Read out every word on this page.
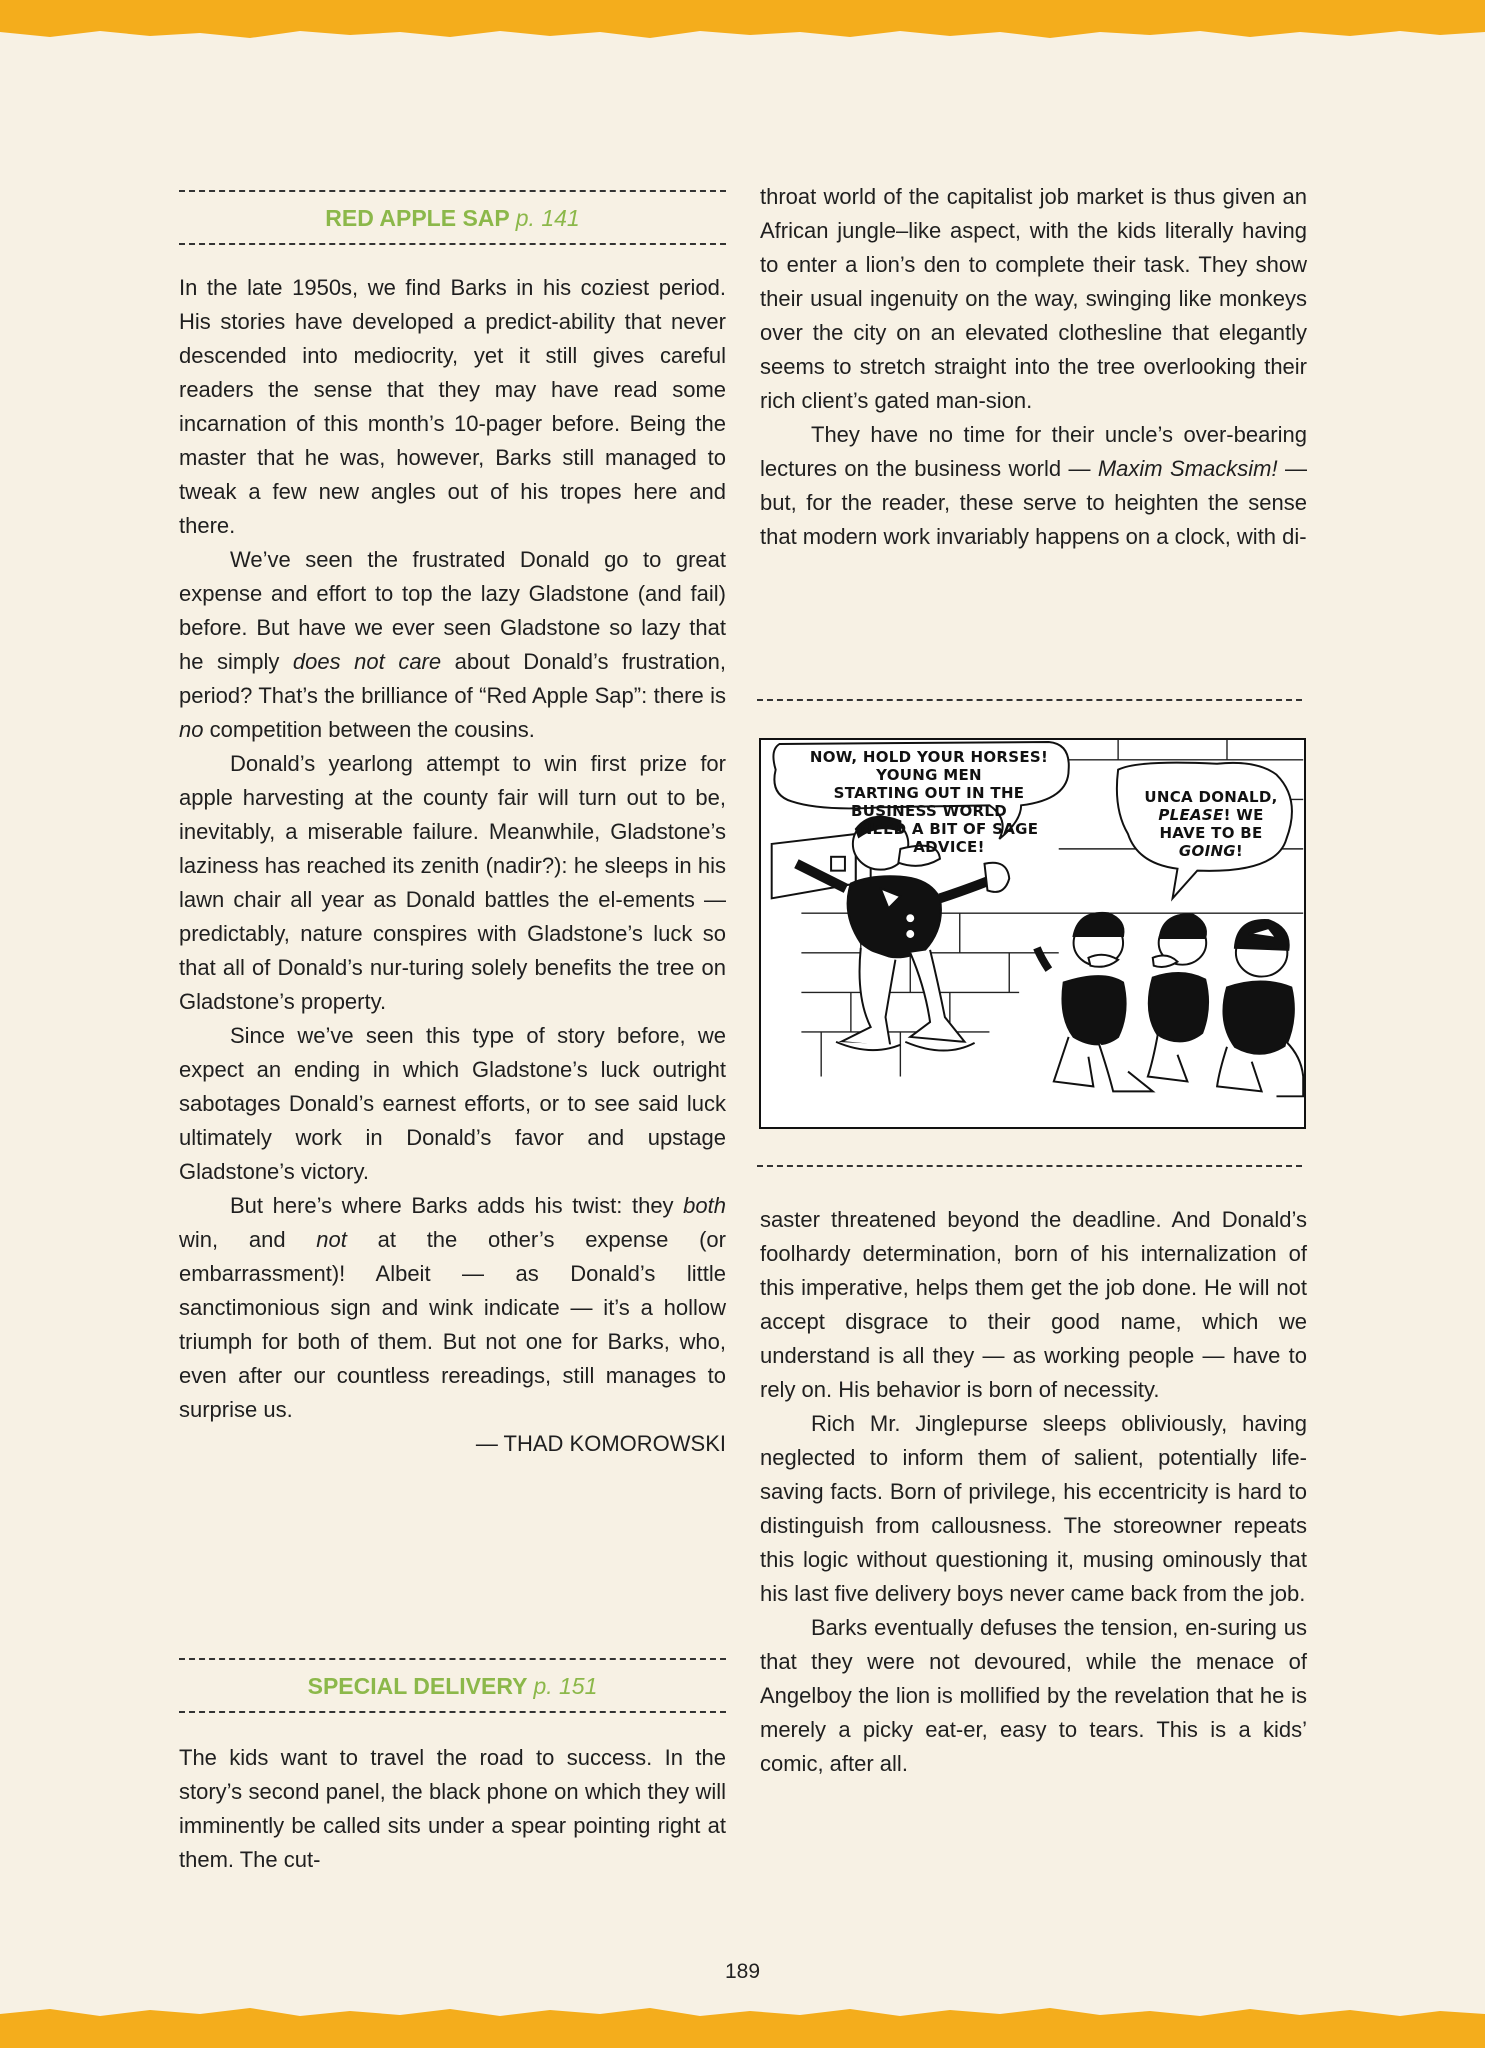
RED APPLE SAP p. 141

In the late 1950s, we find Barks in his coziest period. His stories have developed a predict-ability that never descended into mediocrity, yet it still gives careful readers the sense that they may have read some incarnation of this month’s 10-pager before. Being the master that he was, however, Barks still managed to tweak a few new angles out of his tropes here and there.

We’ve seen the frustrated Donald go to great expense and effort to top the lazy Gladstone (and fail) before. But have we ever seen Gladstone so lazy that he simply does not care about Donald’s frustration, period? That’s the brilliance of “Red Apple Sap”: there is no competition between the cousins.

Donald’s yearlong attempt to win first prize for apple harvesting at the county fair will turn out to be, inevitably, a miserable failure. Meanwhile, Gladstone’s laziness has reached its zenith (nadir?): he sleeps in his lawn chair all year as Donald battles the el-ements — predictably, nature conspires with Gladstone’s luck so that all of Donald’s nur-turing solely benefits the tree on Gladstone’s property.

Since we’ve seen this type of story before, we expect an ending in which Gladstone’s luck outright sabotages Donald’s earnest efforts, or to see said luck ultimately work in Donald’s favor and upstage Gladstone’s victory.

But here’s where Barks adds his twist: they both win, and not at the other’s expense (or embarrassment)! Albeit — as Donald’s little sanctimonious sign and wink indicate — it’s a hollow triumph for both of them. But not one for Barks, who, even after our countless rereadings, still manages to surprise us.

— THAD KOMOROWSKI

SPECIAL DELIVERY p. 151

The kids want to travel the road to success. In the story’s second panel, the black phone on which they will imminently be called sits under a spear pointing right at them. The cut-

throat world of the capitalist job market is thus given an African jungle–like aspect, with the kids literally having to enter a lion’s den to complete their task. They show their usual ingenuity on the way, swinging like monkeys over the city on an elevated clothesline that elegantly seems to stretch straight into the tree overlooking their rich client’s gated man-sion.

They have no time for their uncle’s over-bearing lectures on the business world — Maxim Smacksim! — but, for the reader, these serve to heighten the sense that modern work invariably happens on a clock, with di-

NOW, HOLD YOUR HORSES! YOUNG MEN
STARTING OUT IN THE BUSINESS WORLD
NEED A BIT OF SAGE
ADVICE!
UNCA DONALD,
PLEASE! WE
HAVE TO BE GOING!

saster threatened beyond the deadline. And Donald’s foolhardy determination, born of his internalization of this imperative, helps them get the job done. He will not accept disgrace to their good name, which we understand is all they — as working people — have to rely on. His behavior is born of necessity.

Rich Mr. Jinglepurse sleeps obliviously, having neglected to inform them of salient, potentially life-saving facts. Born of privilege, his eccentricity is hard to distinguish from callousness. The storeowner repeats this logic without questioning it, musing ominously that his last five delivery boys never came back from the job.

Barks eventually defuses the tension, en-suring us that they were not devoured, while the menace of Angelboy the lion is mollified by the revelation that he is merely a picky eat-er, easy to tears. This is a kids’ comic, after all.

189
